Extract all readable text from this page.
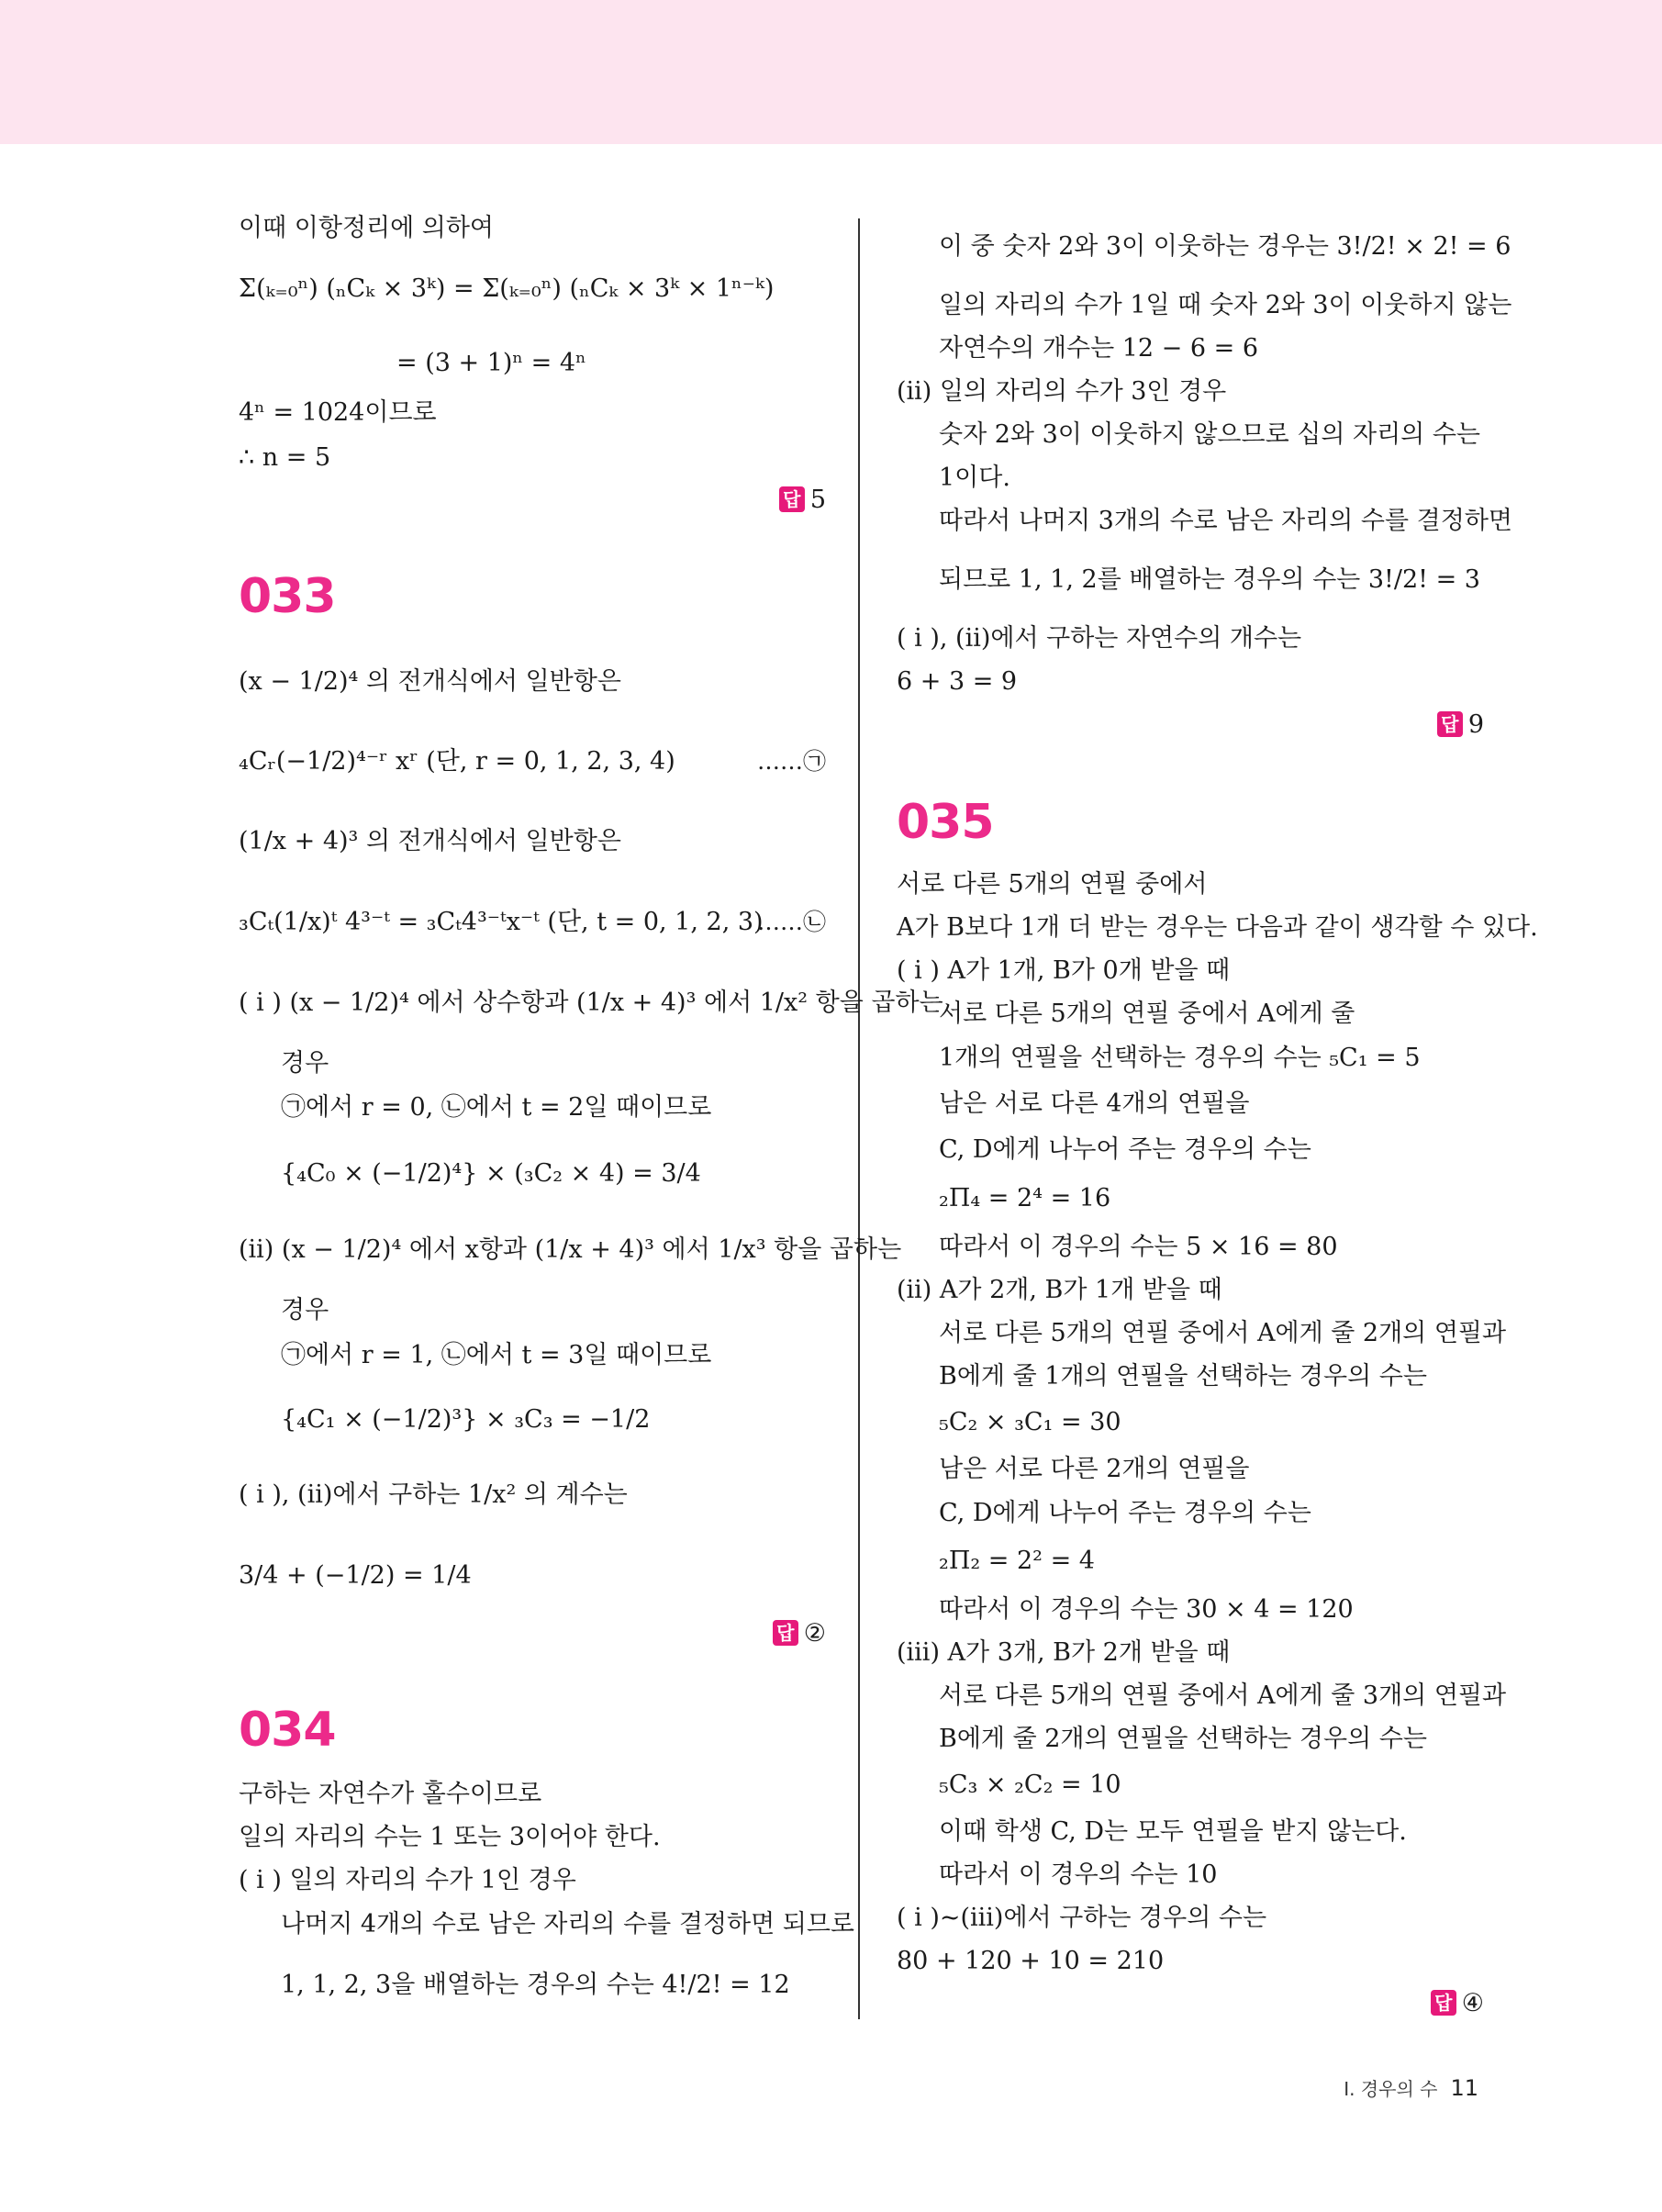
이때 이항정리에 의하여
Σ(ₖ₌₀ⁿ) (ₙCₖ × 3ᵏ) = Σ(ₖ₌₀ⁿ) (ₙCₖ × 3ᵏ × 1ⁿ⁻ᵏ)
= (3 + 1)ⁿ = 4ⁿ
4ⁿ = 1024이므로
∴ n = 5
답 5
033
(x − 1/2)⁴ 의 전개식에서 일반항은
₄Cᵣ(−1/2)⁴⁻ʳ xʳ (단, r = 0, 1, 2, 3, 4)	……㉠
(1/x + 4)³ 의 전개식에서 일반항은
₃Cₜ(1/x)ᵗ 4³⁻ᵗ = ₃Cₜ4³⁻ᵗx⁻ᵗ (단, t = 0, 1, 2, 3)
……㉡
( i ) (x − 1/2)⁴ 에서 상수항과 (1/x + 4)³ 에서 1/x² 항을 곱하는
경우
㉠에서 r = 0, ㉡에서 t = 2일 때이므로
{₄C₀ × (−1/2)⁴} × (₃C₂ × 4) = 3/4
(ii) (x − 1/2)⁴ 에서 x항과 (1/x + 4)³ 에서 1/x³ 항을 곱하는
경우
㉠에서 r = 1, ㉡에서 t = 3일 때이므로
{₄C₁ × (−1/2)³} × ₃C₃ = −1/2
( i ), (ii)에서 구하는 1/x² 의 계수는
3/4 + (−1/2) = 1/4
답 ②
034
구하는 자연수가 홀수이므로
일의 자리의 수는 1 또는 3이어야 한다.
( i ) 일의 자리의 수가 1인 경우
나머지 4개의 수로 남은 자리의 수를 결정하면 되므로
1, 1, 2, 3을 배열하는 경우의 수는 4!/2! = 12
이 중 숫자 2와 3이 이웃하는 경우는 3!/2! × 2! = 6
일의 자리의 수가 1일 때 숫자 2와 3이 이웃하지 않는
자연수의 개수는 12 − 6 = 6
(ii) 일의 자리의 수가 3인 경우
숫자 2와 3이 이웃하지 않으므로 십의 자리의 수는
1이다.
따라서 나머지 3개의 수로 남은 자리의 수를 결정하면
되므로 1, 1, 2를 배열하는 경우의 수는 3!/2! = 3
( i ), (ii)에서 구하는 자연수의 개수는
6 + 3 = 9
답 9
035
서로 다른 5개의 연필 중에서
A가 B보다 1개 더 받는 경우는 다음과 같이 생각할 수 있다.
( i ) A가 1개, B가 0개 받을 때
서로 다른 5개의 연필 중에서 A에게 줄
1개의 연필을 선택하는 경우의 수는 ₅C₁ = 5
남은 서로 다른 4개의 연필을
C, D에게 나누어 주는 경우의 수는
₂Π₄ = 2⁴ = 16
따라서 이 경우의 수는 5 × 16 = 80
(ii) A가 2개, B가 1개 받을 때
서로 다른 5개의 연필 중에서 A에게 줄 2개의 연필과
B에게 줄 1개의 연필을 선택하는 경우의 수는
₅C₂ × ₃C₁ = 30
남은 서로 다른 2개의 연필을
C, D에게 나누어 주는 경우의 수는
₂Π₂ = 2² = 4
따라서 이 경우의 수는 30 × 4 = 120
(iii) A가 3개, B가 2개 받을 때
서로 다른 5개의 연필 중에서 A에게 줄 3개의 연필과
B에게 줄 2개의 연필을 선택하는 경우의 수는
₅C₃ × ₂C₂ = 10
이때 학생 C, D는 모두 연필을 받지 않는다.
따라서 이 경우의 수는 10
( i )~(iii)에서 구하는 경우의 수는
80 + 120 + 10 = 210
답 ④
Ⅰ. 경우의 수 11
